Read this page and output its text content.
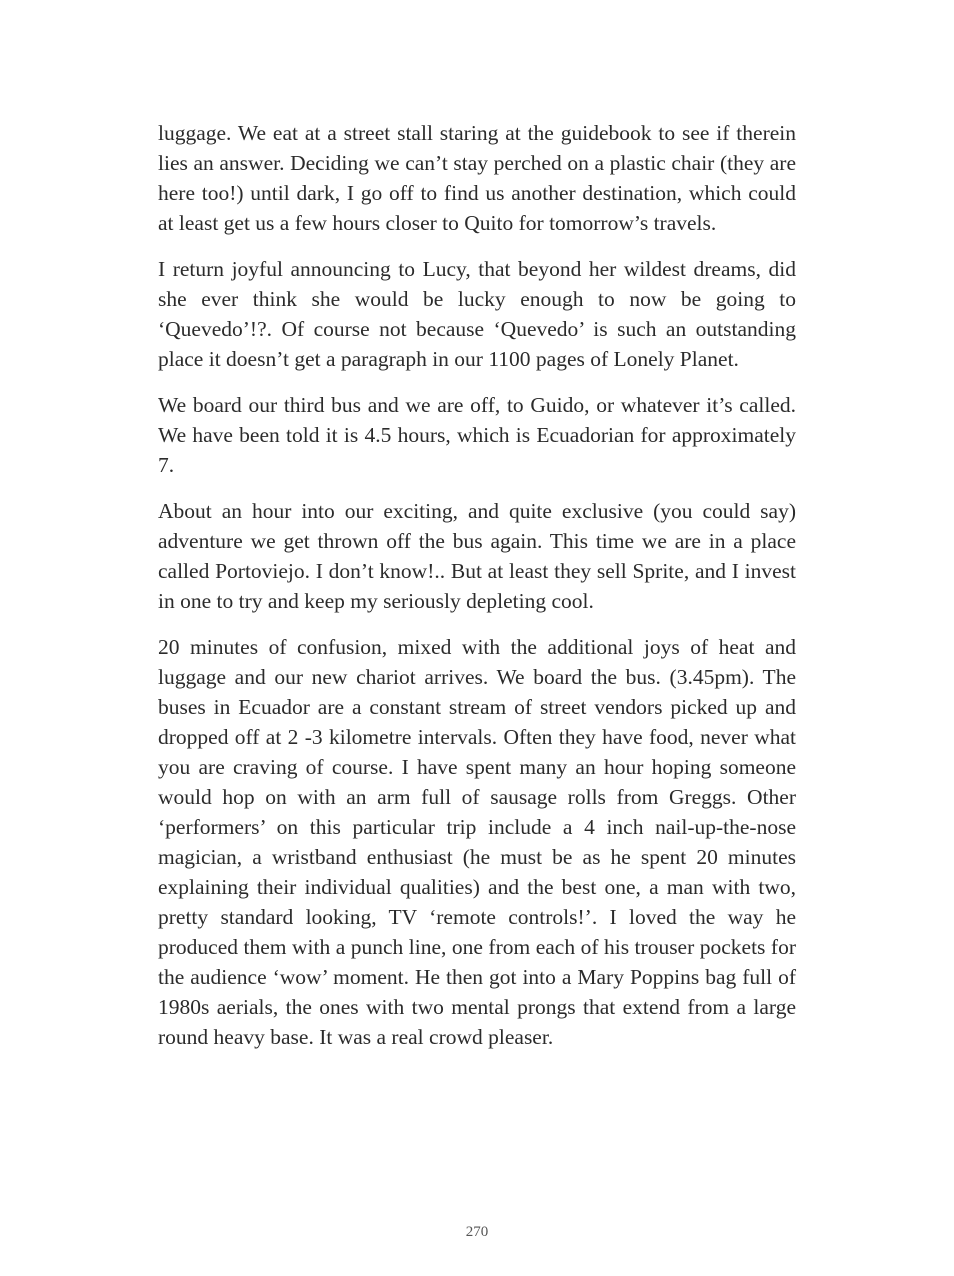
luggage. We eat at a street stall staring at the guidebook to see if therein lies an answer. Deciding we can’t stay perched on a plastic chair (they are here too!) until dark, I go off to find us another destination, which could at least get us a few hours closer to Quito for tomorrow’s travels.

I return joyful announcing to Lucy, that beyond her wildest dreams, did she ever think she would be lucky enough to now be going to ‘Quevedo’!?. Of course not because ‘Quevedo’ is such an outstanding place it doesn’t get a paragraph in our 1100 pages of Lonely Planet.

We board our third bus and we are off, to Guido, or whatever it’s called. We have been told it is 4.5 hours, which is Ecuadorian for approximately 7.

About an hour into our exciting, and quite exclusive (you could say) adventure we get thrown off the bus again. This time we are in a place called Portoviejo. I don’t know!.. But at least they sell Sprite, and I invest in one to try and keep my seriously depleting cool.

20 minutes of confusion, mixed with the additional joys of heat and luggage and our new chariot arrives. We board the bus. (3.45pm). The buses in Ecuador are a constant stream of street vendors picked up and dropped off at 2 -3 kilometre intervals. Often they have food, never what you are craving of course. I have spent many an hour hoping someone would hop on with an arm full of sausage rolls from Greggs. Other ‘performers’ on this particular trip include a 4 inch nail-up-the-nose magician, a wristband enthusiast (he must be as he spent 20 minutes explaining their individual qualities) and the best one, a man with two, pretty standard looking, TV ‘remote controls!’. I loved the way he produced them with a punch line, one from each of his trouser pockets for the audience ‘wow’ moment. He then got into a Mary Poppins bag full of 1980s aerials, the ones with two mental prongs that extend from a large round heavy base. It was a real crowd pleaser.

270
